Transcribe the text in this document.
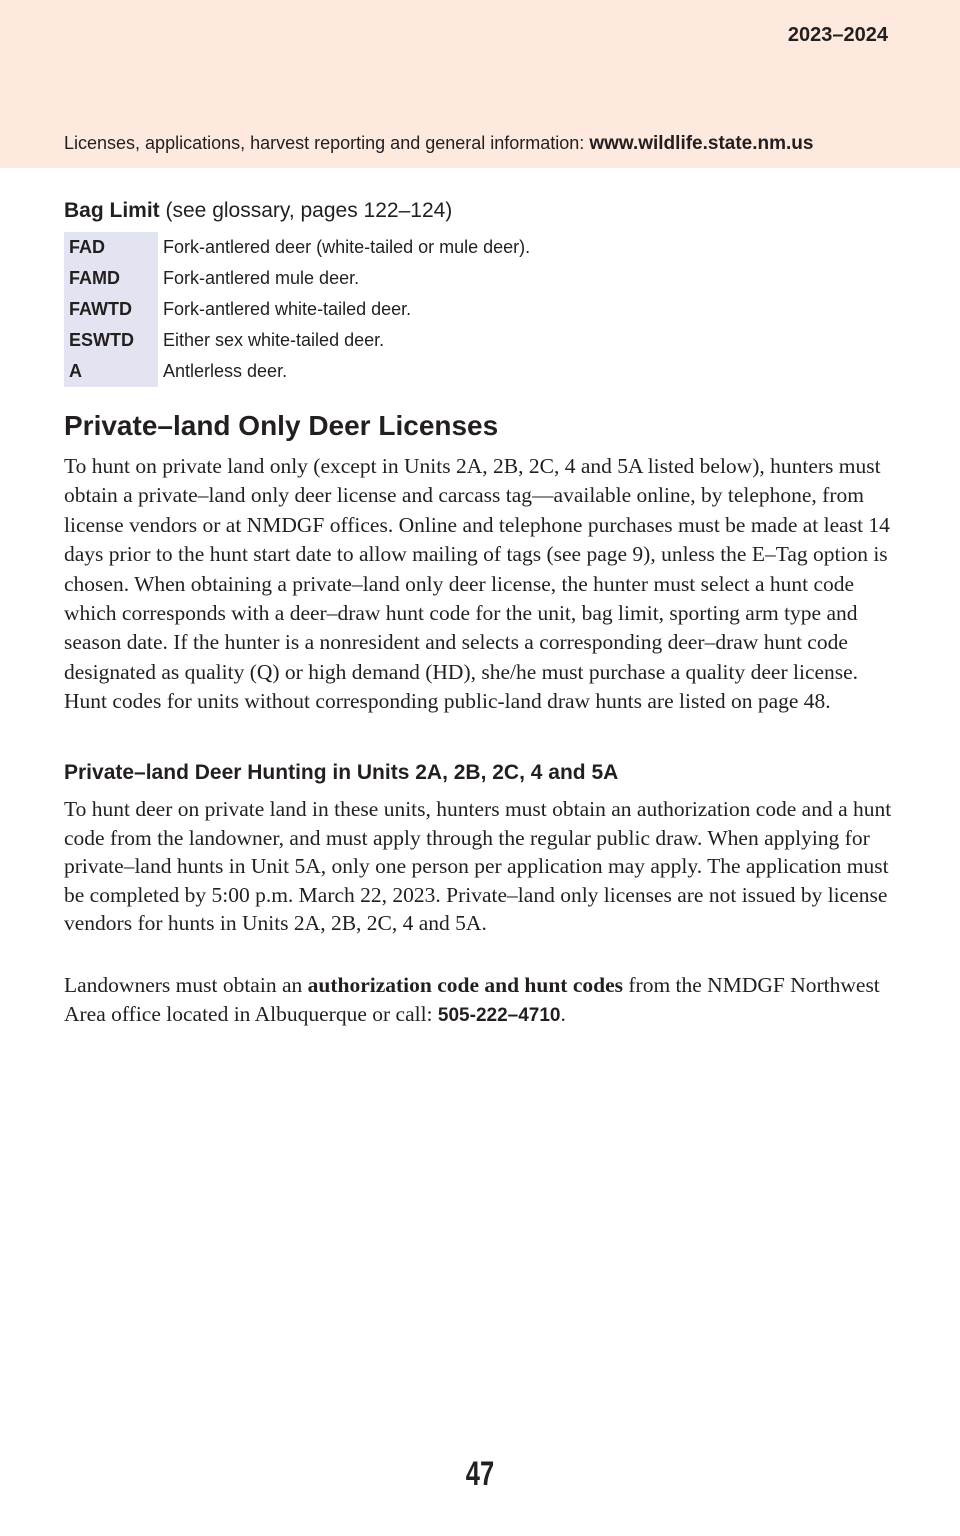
2023–2024
Licenses, applications, harvest reporting and general information: www.wildlife.state.nm.us
Bag Limit (see glossary, pages 122–124)
FAD	Fork-antlered deer (white-tailed or mule deer).
FAMD	Fork-antlered mule deer.
FAWTD	Fork-antlered white-tailed deer.
ESWTD	Either sex white-tailed deer.
A	Antlerless deer.
Private–land Only Deer Licenses

To hunt on private land only (except in Units 2A, 2B, 2C, 4 and 5A listed below), hunters must obtain a private–land only deer license and carcass tag—available online, by telephone, from license vendors or at NMDGF offices. Online and telephone purchases must be made at least 14 days prior to the hunt start date to allow mailing of tags (see page 9), unless the E–Tag option is chosen. When obtaining a private–land only deer license, the hunter must select a hunt code which corresponds with a deer–draw hunt code for the unit, bag limit, sporting arm type and season date. If the hunter is a nonresident and selects a corresponding deer–draw hunt code designated as quality (Q) or high demand (HD), she/he must purchase a quality deer license. Hunt codes for units without corresponding public-land draw hunts are listed on page 48.

Private–land Deer Hunting in Units 2A, 2B, 2C, 4 and 5A

To hunt deer on private land in these units, hunters must obtain an authorization code and a hunt code from the landowner, and must apply through the regular public draw. When applying for private–land hunts in Unit 5A, only one person per application may apply. The application must be completed by 5:00 p.m. March 22, 2023. Private–land only licenses are not issued by license vendors for hunts in Units 2A, 2B, 2C, 4 and 5A.

Landowners must obtain an authorization code and hunt codes from the NMDGF Northwest Area office located in Albuquerque or call: 505-222–4710.

47
